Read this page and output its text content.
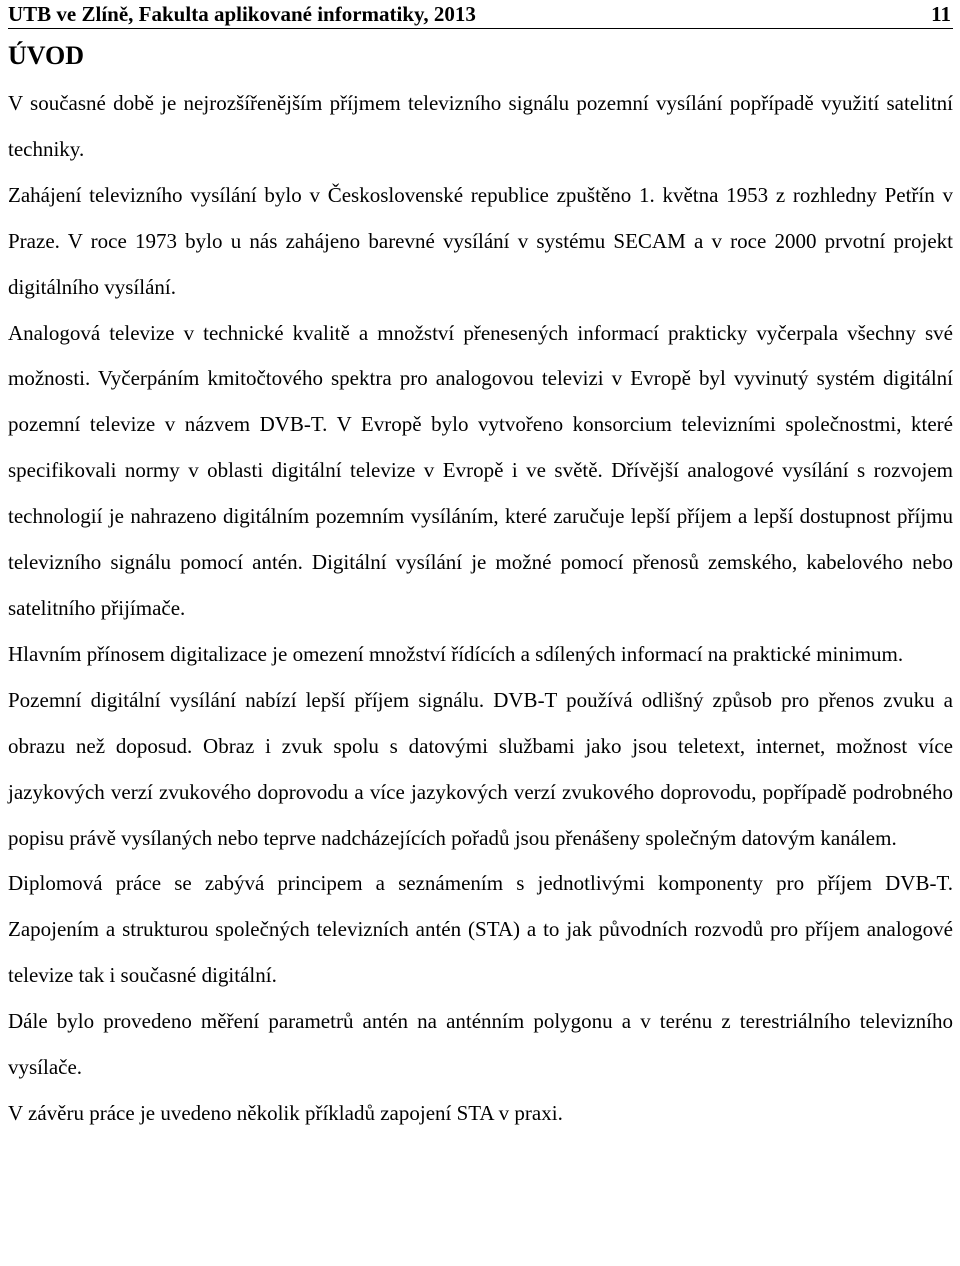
UTB ve Zlíně, Fakulta aplikované informatiky, 2013	11
ÚVOD

V současné době je nejrozšířenějším příjmem televizního signálu pozemní vysílání popřípadě využití satelitní techniky.

Zahájení televizního vysílání bylo v Československé republice zpuštěno 1. května 1953 z rozhledny Petřín v Praze. V roce 1973 bylo u nás zahájeno barevné vysílání v systému SECAM a v roce 2000 prvotní projekt digitálního vysílání.

Analogová televize v technické kvalitě a množství přenesených informací prakticky vyčerpala všechny své možnosti. Vyčerpáním kmitočtového spektra pro analogovou televizi v Evropě byl vyvinutý systém digitální pozemní televize v názvem DVB-T. V Evropě bylo vytvořeno konsorcium televizními společnostmi, které specifikovali normy v oblasti digitální televize v Evropě i ve světě. Dřívější analogové vysílání s rozvojem technologií je nahrazeno digitálním pozemním vysíláním, které zaručuje lepší příjem a lepší dostupnost příjmu televizního signálu pomocí antén. Digitální vysílání je možné pomocí přenosů zemského, kabelového nebo satelitního přijímače.

Hlavním přínosem digitalizace je omezení množství řídících a sdílených informací na praktické minimum.

Pozemní digitální vysílání nabízí lepší příjem signálu. DVB-T používá odlišný způsob pro přenos zvuku a obrazu než doposud. Obraz i zvuk spolu s datovými službami jako jsou teletext, internet, možnost více jazykových verzí zvukového doprovodu a více jazykových verzí zvukového doprovodu, popřípadě podrobného popisu právě vysílaných nebo teprve nadcházejících pořadů jsou přenášeny společným datovým kanálem.

Diplomová práce se zabývá principem a seznámením s jednotlivými komponenty pro příjem DVB-T. Zapojením a strukturou společných televizních antén (STA) a to jak původních rozvodů pro příjem analogové televize tak i současné digitální.

Dále bylo provedeno měření parametrů antén na anténním polygonu a v terénu z terestriálního televizního vysílače.

V závěru práce je uvedeno několik příkladů zapojení STA v praxi.
